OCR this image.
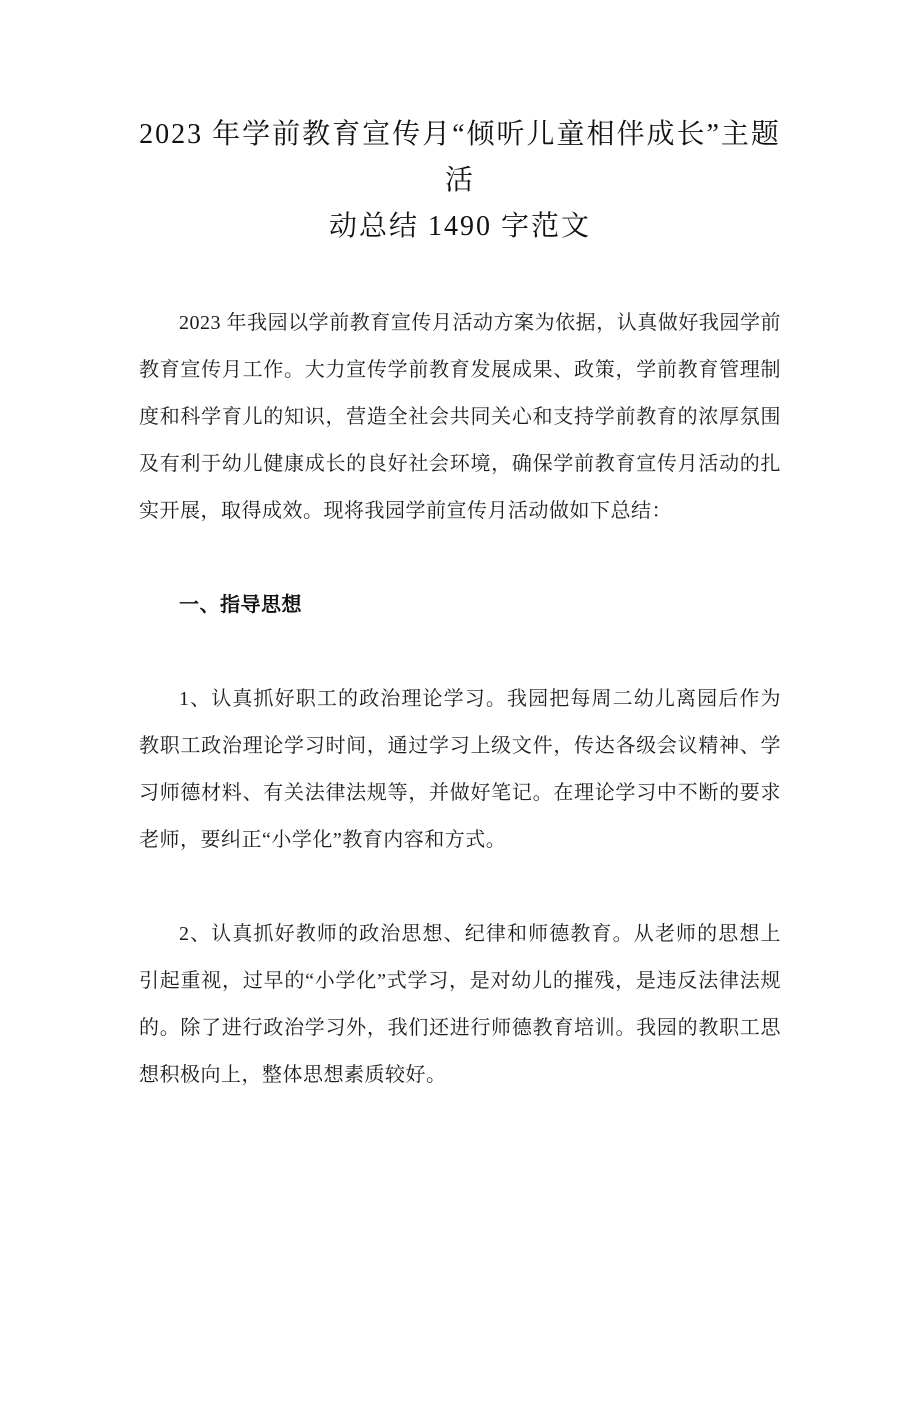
2023 年学前教育宣传月“倾听儿童相伴成长”主题
活
动总结 1490 字范文

2023 年我园以学前教育宣传月活动方案为依据，认真做好我园学前教育宣传月工作。大力宣传学前教育发展成果、政策，学前教育管理制度和科学育儿的知识，营造全社会共同关心和支持学前教育的浓厚氛围及有利于幼儿健康成长的良好社会环境，确保学前教育宣传月活动的扎实开展，取得成效。现将我园学前宣传月活动做如下总结：

一、指导思想

1、认真抓好职工的政治理论学习。我园把每周二幼儿离园后作为教职工政治理论学习时间，通过学习上级文件，传达各级会议精神、学习师德材料、有关法律法规等，并做好笔记。在理论学习中不断的要求老师，要纠正“小学化”教育内容和方式。

2、认真抓好教师的政治思想、纪律和师德教育。从老师的思想上引起重视，过早的“小学化”式学习，是对幼儿的摧残，是违反法律法规的。除了进行政治学习外，我们还进行师德教育培训。我园的教职工思想积极向上，整体思想素质较好。
